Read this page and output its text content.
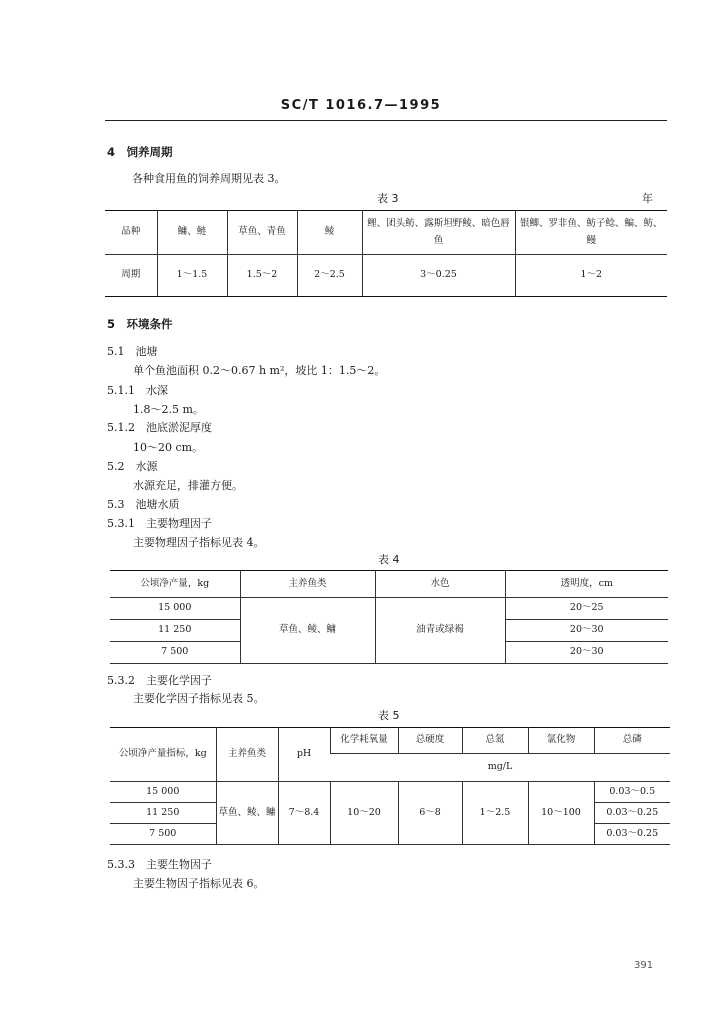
SC/T 1016.7—1995
4　饲养周期
各种食用鱼的饲养周期见表 3。
表 3	年
品种	鳙、鲢	草鱼、青鱼	鲮	鲤、团头鲂、露斯坦野鲮、暗色唇鱼	银鲫、罗非鱼、鲂子鲶、鳊、鲂、鳗
周期	1～1.5	1.5～2	2～2.5	3～0.25	1～2
5　环境条件
5.1　池塘
单个鱼池面积 0.2～0.67 h m²，坡比 1：1.5～2。
5.1.1　水深
1.8～2.5 m。
5.1.2　池底淤泥厚度
10～20 cm。
5.2　水源
水源充足，排灌方便。
5.3　池塘水质
5.3.1　主要物理因子
主要物理因子指标见表 4。
表 4
公顷净产量，kg	主养鱼类	水色	透明度，cm
15 000	草鱼、鲮、鳙	油青或绿褐	20～25
11 250			20～30
7 500			20～30
5.3.2　主要化学因子
主要化学因子指标见表 5。
表 5
公顷净产量指标，kg	主养鱼类	pH	化学耗氧量	总硬度	总氮	氯化物	总磷
			mg/L				
15 000	草鱼、鲮、鳙	7～8.4	10～20	6～8	1～2.5	10～100	0.03～0.5
11 250							0.03～0.25
7 500							0.03～0.25
5.3.3　主要生物因子
主要生物因子指标见表 6。
391
